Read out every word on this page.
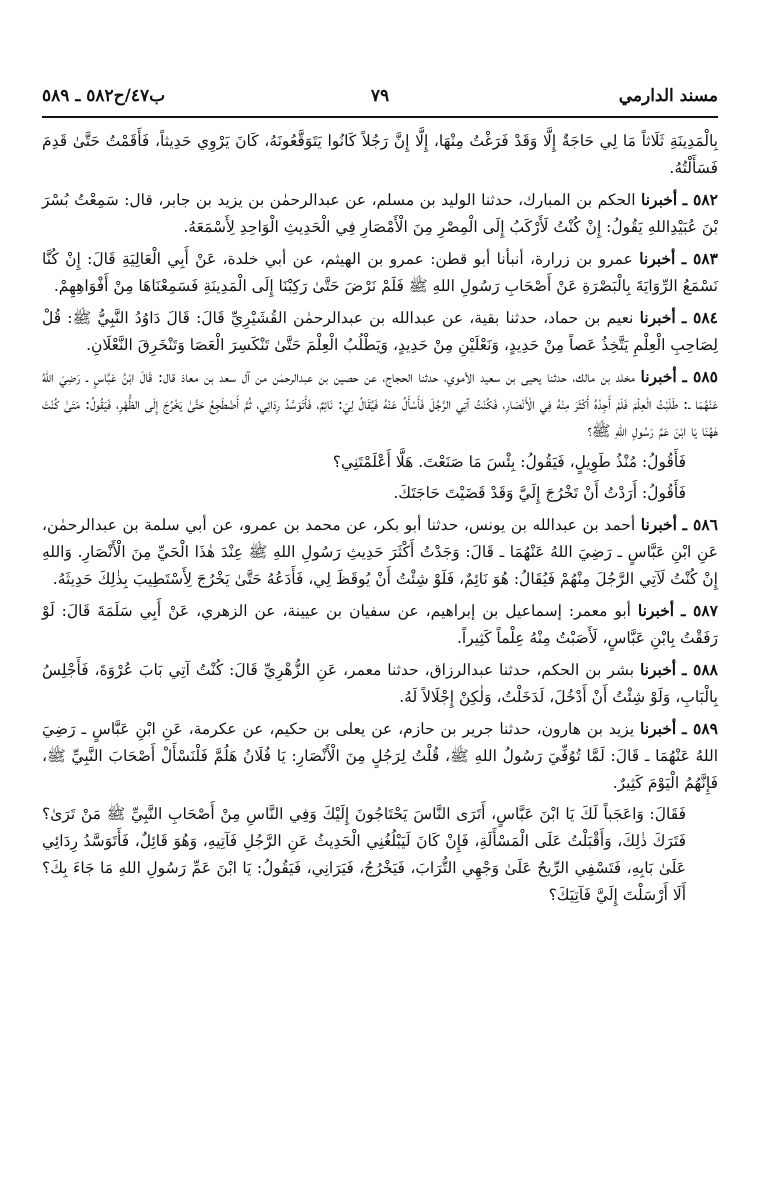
مسند الدارمي
٧٩
ب٤٧/ح٥٨٢ ـ ٥٨٩

بِالْمَدِينَةِ ثَلَاثاً مَا لِي حَاجَةٌ إِلَّا وَقَدْ فَرَغْتُ مِنْهَا، إِلَّا إِنَّ رَجُلاً كَانُوا يَتَوَقَّعُونَهُ، كَانَ يَرْوِي حَدِيثاً، فَأَقَمْتُ حَتَّىٰ قَدِمَ فَسَأَلْتُهُ.

٥٨٢ ـ أخبرنا الحكم بن المبارك، حدثنا الوليد بن مسلم، عن عبدالرحمٰن بن يزيد بن جابر، قال: سَمِعْتُ بُسْرَ بْنَ عُبَيْدِاللهِ يَقُولُ: إِنْ كُنْتُ لَأَرْكَبُ إِلَى الْمِصْرِ مِنَ الْأَمْصَارِ فِي الْحَدِيثِ الْوَاحِدِ لِأَسْمَعَهُ.

٥٨٣ ـ أخبرنا عمرو بن زرارة، أنبأنا أبو قطن: عمرو بن الهيثم، عن أبي خلدة، عَنْ أَبِي الْعَالِيَةِ قَالَ: إِنْ كُنَّا نَسْمَعُ الرِّوَايَةَ بِالْبَصْرَةِ عَنْ أَصْحَابِ رَسُولِ اللهِ ﷺ فَلَمْ نَرْضَ حَتَّىٰ رَكِبْنَا إِلَى الْمَدِينَةِ فَسَمِعْنَاهَا مِنْ أَفْوَاهِهِمْ.

٥٨٤ ـ أخبرنا نعيم بن حماد، حدثنا بقية، عن عبدالله بن عبدالرحمٰن القُشَيْرِيِّ قَالَ: قَالَ دَاوُدُ النَّبِيُّ ﷺ: قُلْ لِصَاحِبِ الْعِلْمِ يَتَّخِذُ عَصاً مِنْ حَدِيدٍ، وَنَعْلَيْنِ مِنْ حَدِيدٍ، وَيَطْلُبُ الْعِلْمَ حَتَّىٰ تَنْكَسِرَ الْعَصَا وَتَنْخَرِقَ النَّعْلَانِ.

٥٨٥ ـ أخبرنا مخلد بن مالك، حدثنا يحيى بن سعيد الأموي، حدثنا الحجاج، عن حصين بن عبدالرحمٰن من آل سعد بن معاذ قال: قَالَ ابْنُ عَبَّاسٍ ـ رَضِيَ اللهُ عَنْهُمَا ـ: طَلَبْتُ الْعِلْمَ فَلَمْ أَجِدْهُ أَكْثَرَ مِنْهُ فِي الْأَنْصَارِ، فَكُنْتُ آتِي الرَّجُلَ فَأَسْأَلُ عَنْهُ فَيُقَالُ لِيَ: نَائِمٌ، فَأَتَوَسَّدُ رِدَائِي، ثُمَّ أَضْطَجِعُ حَتَّىٰ يَخْرُجَ إِلَى الظُّهْرِ، فَيَقُولُ: مَتَىٰ كُنْتَ هٰهُنَا يَا ابْنَ عَمِّ رَسُولِ اللهِ ﷺ؟

فَأَقُولُ: مُنْذُ طَوِيلٍ، فَيَقُولُ: بِئْسَ مَا صَنَعْتَ. هَلَّا أَعْلَمْتَنِي؟

فَأَقُولُ: أَرَدْتُ أَنْ تَخْرُجَ إِلَيَّ وَقَدْ قَضَيْتَ حَاجَتَكَ.

٥٨٦ ـ أخبرنا أحمد بن عبدالله بن يونس، حدثنا أبو بكر، عن محمد بن عمرو، عن أبي سلمة بن عبدالرحمٰن، عَنِ ابْنِ عَبَّاسٍ ـ رَضِيَ اللهُ عَنْهُمَا ـ قَالَ: وَجَدْتُ أَكْثَرَ حَدِيثِ رَسُولِ اللهِ ﷺ عِنْدَ هٰذَا الْحَيِّ مِنَ الْأَنْصَارِ. وَاللهِ إِنْ كُنْتُ لَآتِي الرَّجُلَ مِنْهُمْ فَيُقَالُ: هُوَ نَائِمٌ، فَلَوْ شِئْتُ أَنْ يُوقَظَ لِي، فَأَدَعُهُ حَتَّىٰ يَخْرُجَ لِأَسْتَطِيبَ بِذٰلِكَ حَدِيثَهُ.

٥٨٧ ـ أخبرنا أبو معمر: إسماعيل بن إبراهيم، عن سفيان بن عيينة، عن الزهري، عَنْ أَبِي سَلَمَةَ قَالَ: لَوْ رَفَقْتُ بِابْنِ عَبَّاسٍ، لَأَصَبْتُ مِنْهُ عِلْماً كَثِيراً.

٥٨٨ ـ أخبرنا بشر بن الحكم، حدثنا عبدالرزاق، حدثنا معمر، عَنِ الزُّهْرِيِّ قَالَ: كُنْتُ آتِي بَابَ عُرْوَةَ، فَأَجْلِسُ بِالْبَابِ، وَلَوْ شِئْتُ أَنْ أَدْخُلَ، لَدَخَلْتُ، وَلٰكِنْ إِجْلَالاً لَهُ.

٥٨٩ ـ أخبرنا يزيد بن هارون، حدثنا جرير بن حازم، عن يعلى بن حكيم، عن عكرمة، عَنِ ابْنِ عَبَّاسٍ ـ رَضِيَ اللهُ عَنْهُمَا ـ قَالَ: لَمَّا تُوُفِّيَ رَسُولُ اللهِ ﷺ، قُلْتُ لِرَجُلٍ مِنَ الْأَنْصَارِ: يَا فُلَانُ هَلُمَّ فَلْنَسْأَلْ أَصْحَابَ النَّبِيِّ ﷺ، فَإِنَّهُمُ الْيَوْمَ كَثِيرٌ.

فَقَالَ: وَاعَجَباً لَكَ يَا ابْنَ عَبَّاسٍ، أَتَرَى النَّاسَ يَحْتَاجُونَ إِلَيْكَ وَفِي النَّاسِ مِنْ أَصْحَابِ النَّبِيِّ ﷺ مَنْ تَرَىٰ؟ فَتَرَكَ ذٰلِكَ، وَأَقْبَلْتُ عَلَى الْمَسْأَلَةِ، فَإِنْ كَانَ لَيَبْلُغُنِي الْحَدِيثُ عَنِ الرَّجُلِ فَآتِيهِ، وَهُوَ قَائِلٌ، فَأَتَوَسَّدُ رِدَائِي عَلَىٰ بَابِهِ، فَتَسْفِي الرِّيحُ عَلَىٰ وَجْهِي التُّرَابَ، فَيَخْرُجُ، فَيَرَانِي، فَيَقُولُ: يَا ابْنَ عَمِّ رَسُولِ اللهِ مَا جَاءَ بِكَ؟ أَلَا أَرْسَلْتَ إِلَيَّ فَآتِيَكَ؟
